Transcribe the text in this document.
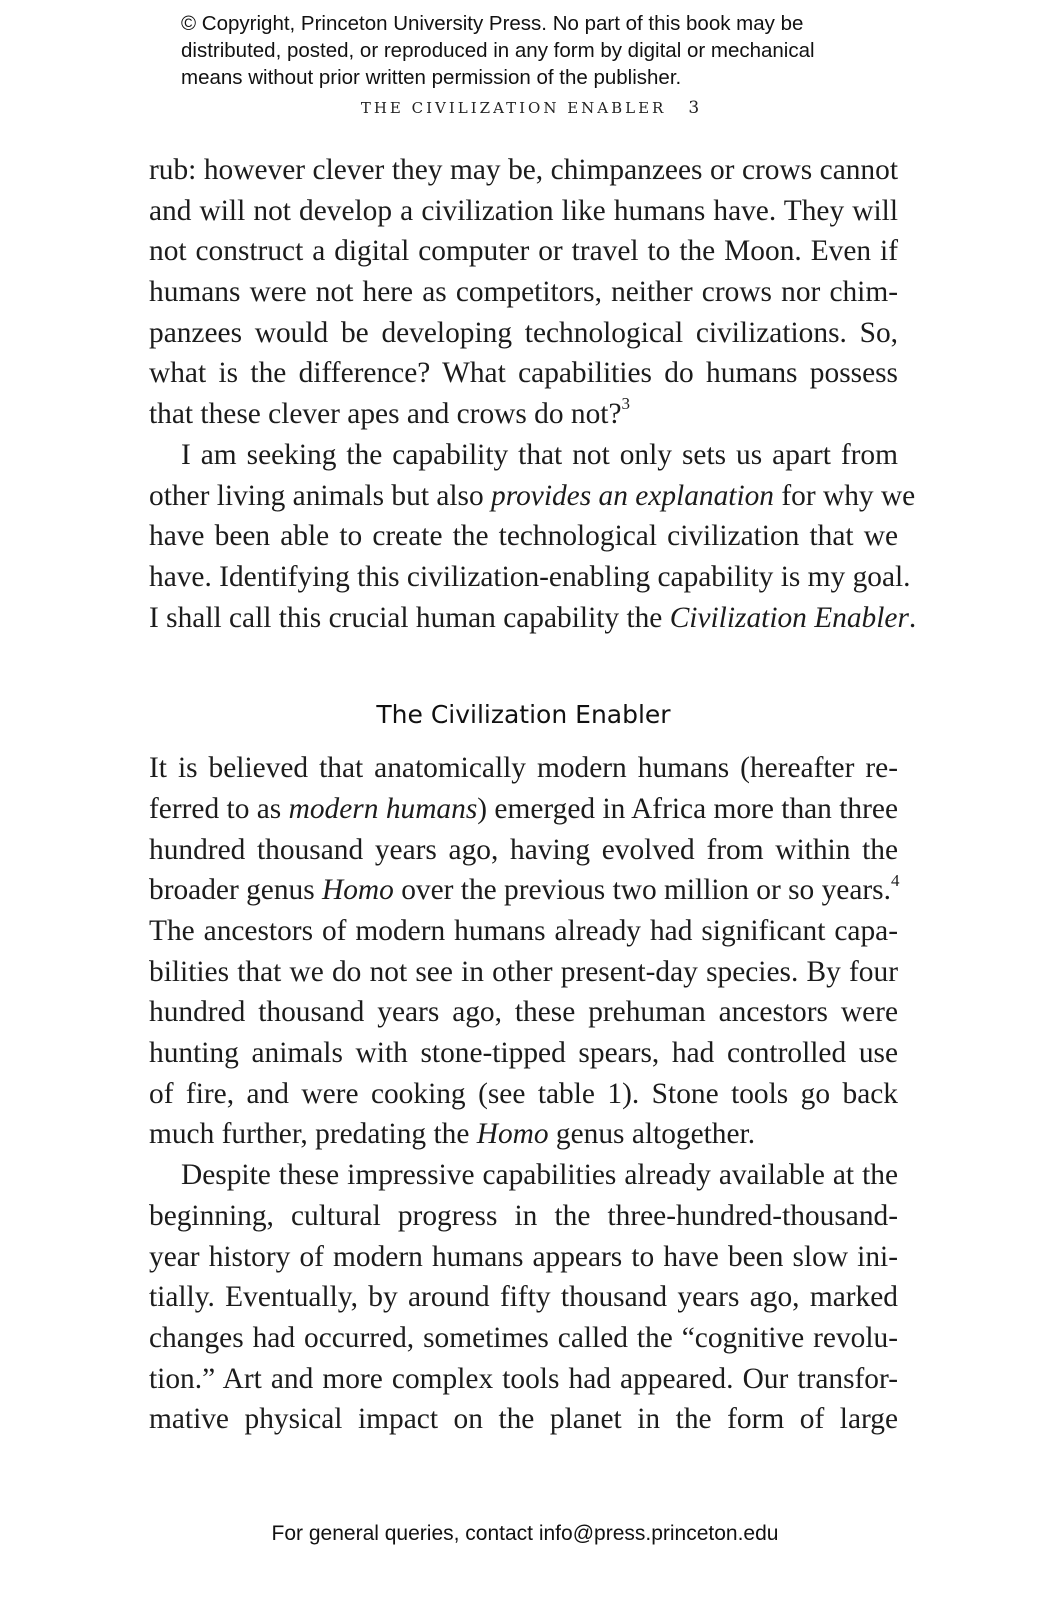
© Copyright, Princeton University Press. No part of this book may be
distributed, posted, or reproduced in any form by digital or mechanical
means without prior written permission of the publisher.
THE CIVILIZATION ENABLER 3
rub: however clever they may be, chimpanzees or crows cannot
and will not develop a civilization like humans have. They will
not construct a digital computer or travel to the Moon. Even if
humans were not here as competitors, neither crows nor chim-
panzees would be developing technological civilizations. So,
what is the difference? What capabilities do humans possess
that these clever apes and crows do not?$^3$
I am seeking the capability that not only sets us apart from
other living animals but also provides an explanation for why we
have been able to create the technological civilization that we
have. Identifying this civilization-enabling capability is my goal.
I shall call this crucial human capability the Civilization Enabler.
The Civilization Enabler
It is believed that anatomically modern humans (hereafter re-
ferred to as modern humans) emerged in Africa more than three
hundred thousand years ago, having evolved from within the
broader genus Homo over the previous two million or so years.$^4$
The ancestors of modern humans already had significant capa-
bilities that we do not see in other present-day species. By four
hundred thousand years ago, these prehuman ancestors were
hunting animals with stone-tipped spears, had controlled use
of fire, and were cooking (see table 1). Stone tools go back
much further, predating the Homo genus altogether.
Despite these impressive capabilities already available at the
beginning, cultural progress in the three-hundred-thousand-
year history of modern humans appears to have been slow ini-
tially. Eventually, by around fifty thousand years ago, marked
changes had occurred, sometimes called the “cognitive revolu-
tion.” Art and more complex tools had appeared. Our transfor-
mative physical impact on the planet in the form of large
For general queries, contact info@press.princeton.edu
